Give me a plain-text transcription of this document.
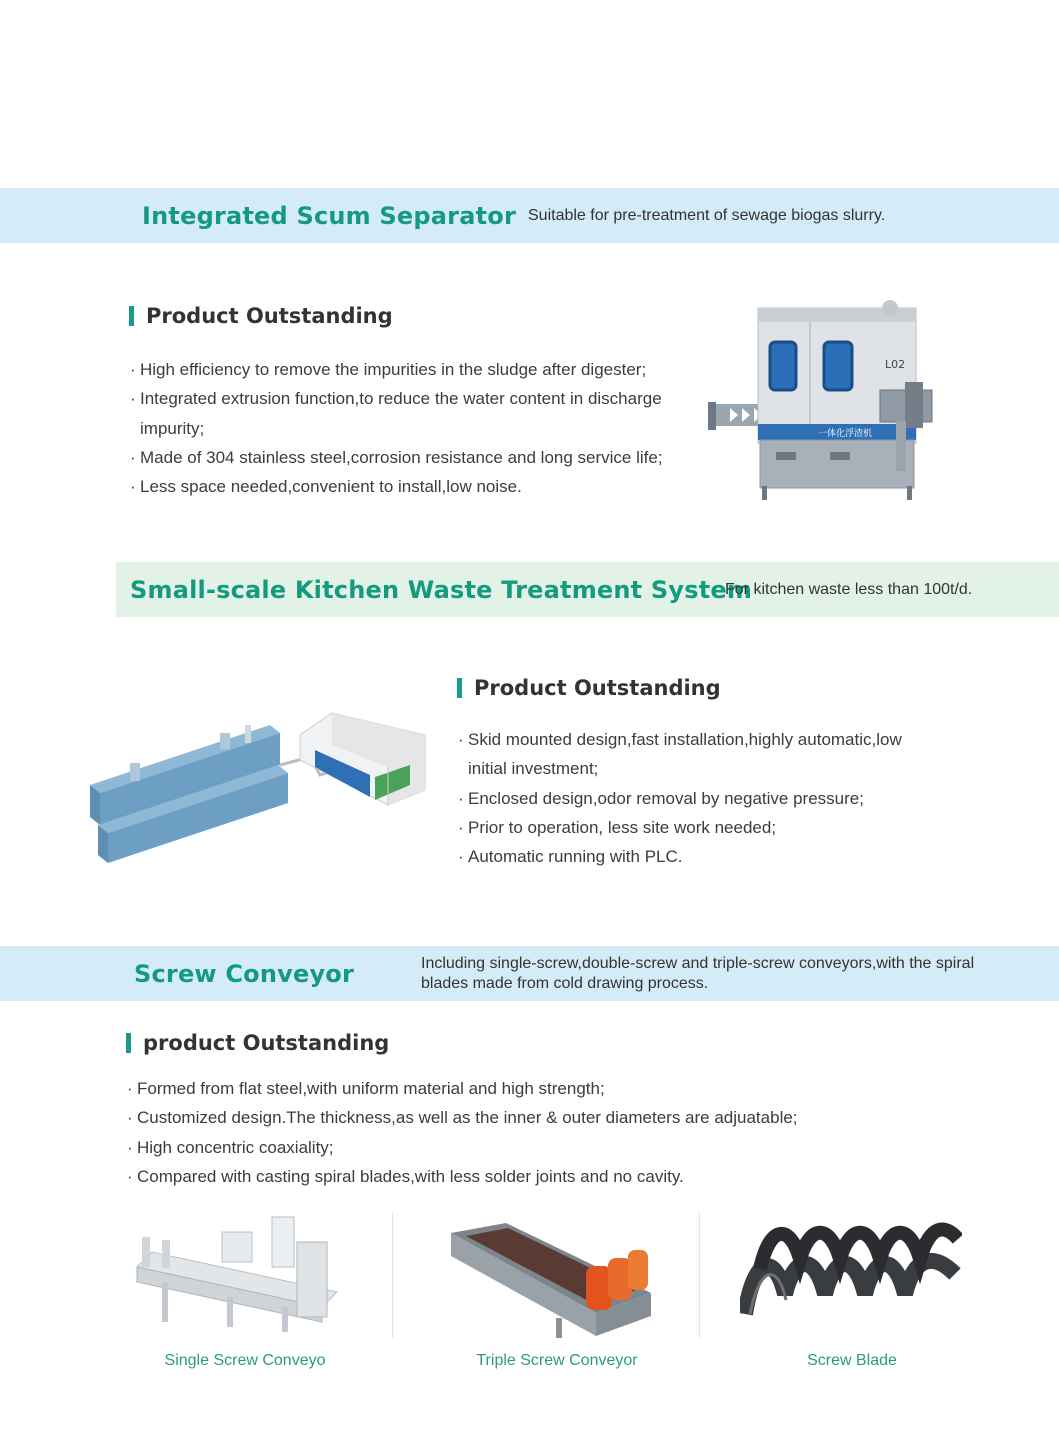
Integrated Scum Separator Suitable for pre-treatment of sewage biogas slurry.
Product Outstanding
· High efficiency to remove the impurities in the sludge after digester;
· Integrated extrusion function,to reduce the water content in discharge impurity;
· Made of 304 stainless steel,corrosion resistance and long service life;
· Less space needed,convenient to install,low noise.
L02
一体化浮渣机
Small-scale Kitchen Waste Treatment System
For kitchen waste less than 100t/d.
Product Outstanding
· Skid mounted design,fast installation,highly automatic,low initial investment;
· Enclosed design,odor removal by negative pressure;
· Prior to operation, less site work needed;
· Automatic running with PLC.
Screw Conveyor	Including single-screw,double-screw and triple-screw conveyors,with the spiral blades made from cold drawing process.
product Outstanding
· Formed from flat steel,with uniform material and high strength;
· Customized design.The thickness,as well as the inner & outer diameters are adjuatable;
· High concentric coaxiality;
· Compared with casting spiral blades,with less solder joints and no cavity.
Single Screw Conveyo	Triple Screw Conveyor	Screw Blade
